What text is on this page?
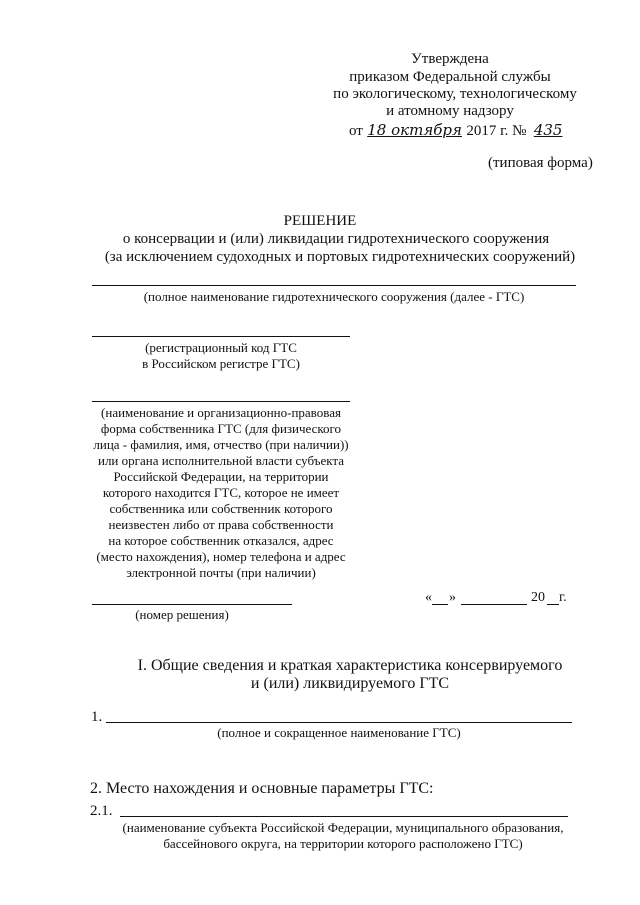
Утверждена
приказом Федеральной службы
по экологическому, технологическому
и атомному надзору
от 18 октября 2017 г. № 435
(типовая форма)
РЕШЕНИЕ
о консервации и (или) ликвидации гидротехнического сооружения
(за исключением судоходных и портовых гидротехнических сооружений)
(полное наименование гидротехнического сооружения (далее - ГТС)
(регистрационный код ГТС
в Российском регистре ГТС)
(наименование и организационно-правовая
форма собственника ГТС (для физического
лица - фамилия, имя, отчество (при наличии))
или органа исполнительной власти субъекта
Российской Федерации, на территории
которого находится ГТС, которое не имеет
собственника или собственник которого
неизвестен либо от права собственности
на которое собственник отказался, адрес
(место нахождения), номер телефона и адрес
электронной почты (при наличии)
(номер решения)
« »	20 г.
I. Общие сведения и краткая характеристика консервируемого
и (или) ликвидируемого ГТС
1.
(полное и сокращенное наименование ГТС)
2. Место нахождения и основные параметры ГТС:
2.1.
(наименование субъекта Российской Федерации, муниципального образования,
бассейнового округа, на территории которого расположено ГТС)
